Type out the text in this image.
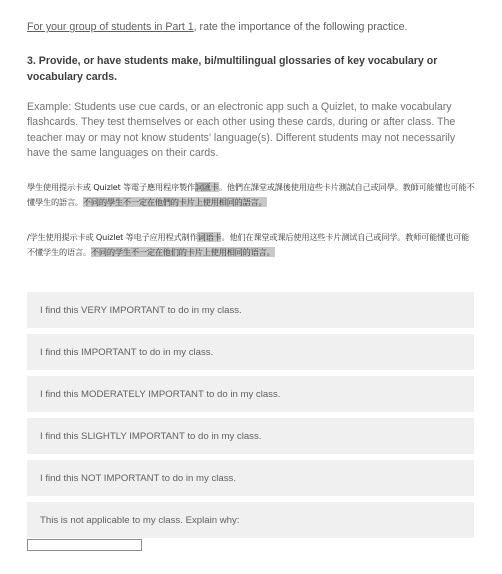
For your group of students in Part 1, rate the importance of the following practice.
3. Provide, or have students make, bi/multilingual glossaries of key vocabulary or vocabulary cards.
Example: Students use cue cards, or an electronic app such a Quizlet, to make vocabulary flashcards. They test themselves or each other using these cards, during or after class. The teacher may or may not know students' language(s). Different students may not necessarily have the same languages on their cards.
學生使用提示卡或 Quizlet 等電子應用程序製作詞匯卡。他們在課堂或課後使用這些卡片測試自己或同學。教師可能懂也可能不懂學生的語言。不同的學生不一定在他們的卡片上使用相同的語言。
/学生使用提示卡或 Quizlet 等电子应用程式制作词语卡。他们在课堂或课后使用这些卡片测试自己或同学。教师可能懂也可能不懂学生的语言。不同的学生不一定在他们的卡片上使用相同的语言。
I find this VERY IMPORTANT to do in my class.
I find this IMPORTANT to do in my class.
I find this MODERATELY IMPORTANT to do in my class.
I find this SLIGHTLY IMPORTANT to do in my class.
I find this NOT IMPORTANT to do in my class.
This is not applicable to my class. Explain why:
